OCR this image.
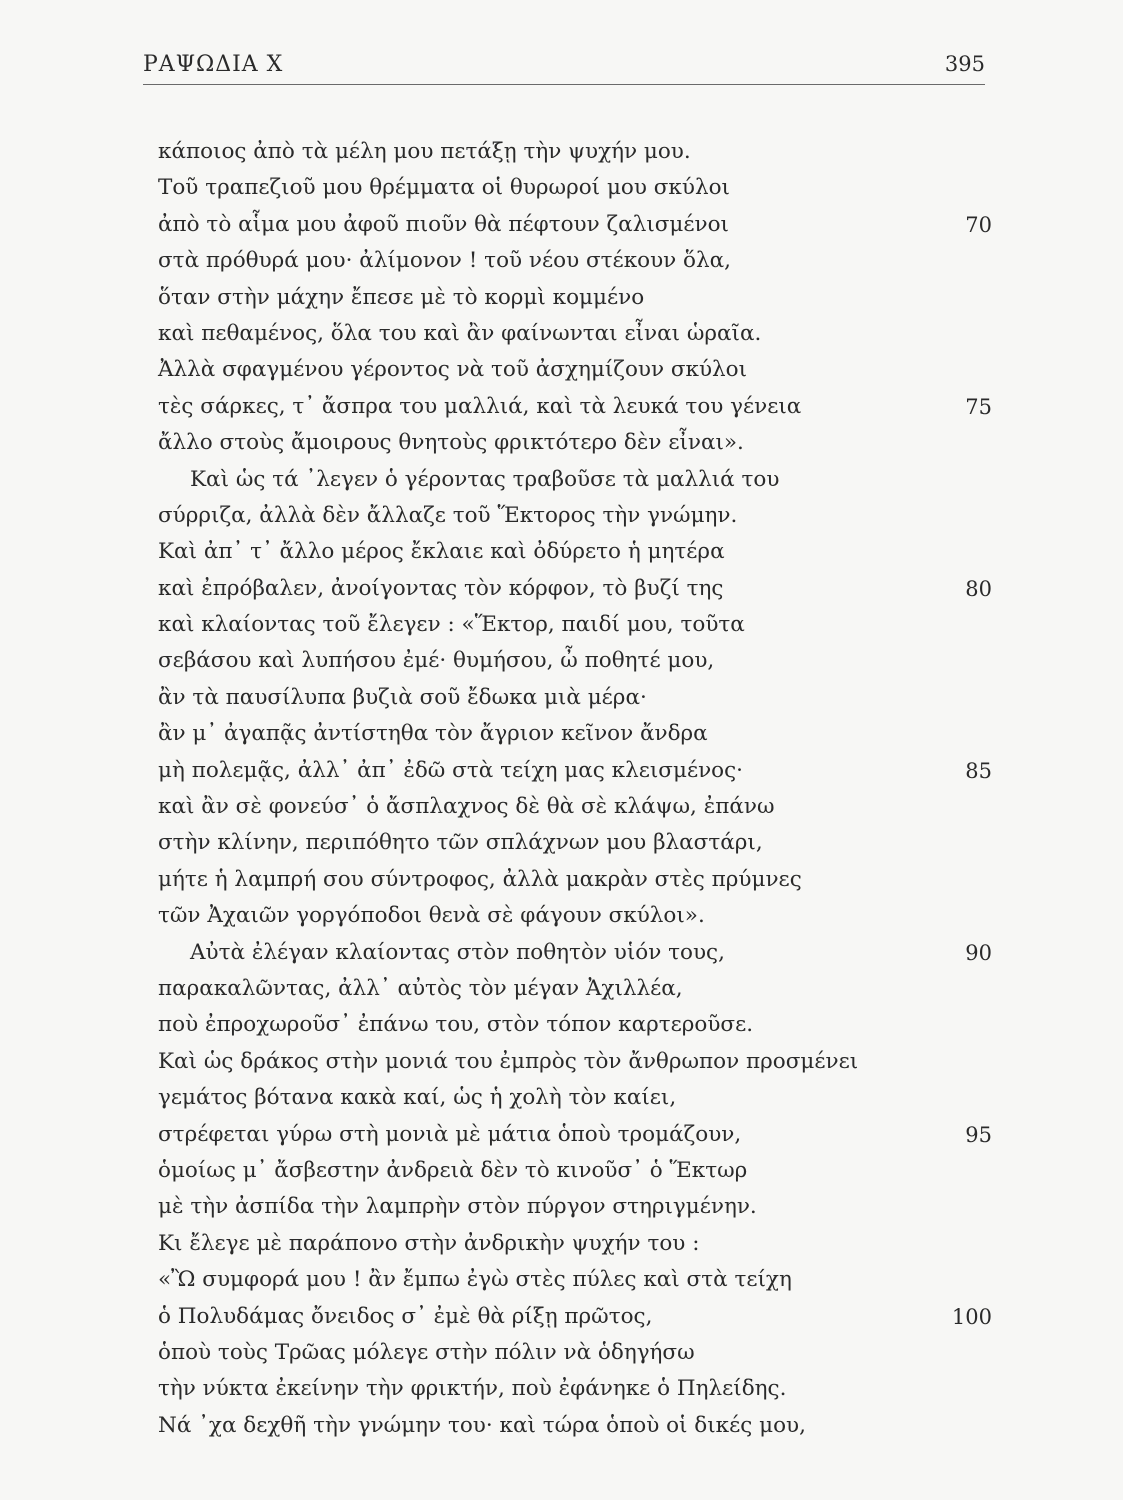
ΡΑΨΩΔΙΑ Χ	395
κάποιος ἀπὸ τὰ μέλη μου πετάξῃ τὴν ψυχήν μου.
Τοῦ τραπεζιοῦ μου θρέμματα οἱ θυρωροί μου σκύλοι
ἀπὸ τὸ αἷμα μου ἀφοῦ πιοῦν θὰ πέφτουν ζαλισμένοι	70
στὰ πρόθυρά μου· ἀλίμονον ! τοῦ νέου στέκουν ὅλα,
ὅταν στὴν μάχην ἔπεσε μὲ τὸ κορμὶ κομμένο
καὶ πεθαμένος, ὅλα του καὶ ἂν φαίνωνται εἶναι ὡραῖα.
Ἀλλὰ σφαγμένου γέροντος νὰ τοῦ ἀσχημίζουν σκύλοι
τὲς σάρκες, τ᾽ ἄσπρα του μαλλιά, καὶ τὰ λευκά του γένεια	75
ἄλλο στοὺς ἄμοιρους θνητοὺς φρικτότερο δὲν εἶναι».
Καὶ ὡς τά ᾽λεγεν ὁ γέροντας τραβοῦσε τὰ μαλλιά του
σύρριζα, ἀλλὰ δὲν ἄλλαζε τοῦ Ἕκτορος τὴν γνώμην.
Καὶ ἀπ᾽ τ᾽ ἄλλο μέρος ἔκλαιε καὶ ὀδύρετο ἡ μητέρα
καὶ ἐπρόβαλεν, ἀνοίγοντας τὸν κόρφον, τὸ βυζί της	80
καὶ κλαίοντας τοῦ ἔλεγεν : «Ἕκτορ, παιδί μου, τοῦτα
σεβάσου καὶ λυπήσου ἐμέ· θυμήσου, ὦ ποθητέ μου,
ἂν τὰ παυσίλυπα βυζιὰ σοῦ ἔδωκα μιὰ μέρα·
ἂν μ᾽ ἀγαπᾷς ἀντίστηθα τὸν ἄγριον κεῖνον ἄνδρα
μὴ πολεμᾷς, ἀλλ᾽ ἀπ᾽ ἐδῶ στὰ τείχη μας κλεισμένος·	85
καὶ ἂν σὲ φονεύσ᾽ ὁ ἄσπλαχνος δὲ θὰ σὲ κλάψω, ἐπάνω
στὴν κλίνην, περιπόθητο τῶν σπλάχνων μου βλαστάρι,
μήτε ἡ λαμπρή σου σύντροφος, ἀλλὰ μακρὰν στὲς πρύμνες
τῶν Ἀχαιῶν γοργόποδοι θενὰ σὲ φάγουν σκύλοι».
Αὐτὰ ἐλέγαν κλαίοντας στὸν ποθητὸν υἱόν τους,	90
παρακαλῶντας, ἀλλ᾽ αὐτὸς τὸν μέγαν Ἀχιλλέα,
ποὺ ἐπροχωροῦσ᾽ ἐπάνω του, στὸν τόπον καρτεροῦσε.
Καὶ ὡς δράκος στὴν μονιά του ἐμπρὸς τὸν ἄνθρωπον προσμένει
γεμάτος βότανα κακὰ καί, ὡς ἡ χολὴ τὸν καίει,
στρέφεται γύρω στὴ μονιὰ μὲ μάτια ὁποὺ τρομάζουν,	95
ὁμοίως μ᾽ ἄσβεστην ἀνδρειὰ δὲν τὸ κινοῦσ᾽ ὁ Ἕκτωρ
μὲ τὴν ἀσπίδα τὴν λαμπρὴν στὸν πύργον στηριγμένην.
Κι ἔλεγε μὲ παράπονο στὴν ἀνδρικὴν ψυχήν του :
«Ὢ συμφορά μου ! ἂν ἔμπω ἐγὼ στὲς πύλες καὶ στὰ τείχη
ὁ Πολυδάμας ὄνειδος σ᾽ ἐμὲ θὰ ρίξῃ πρῶτος,	100
ὁποὺ τοὺς Τρῶας μόλεγε στὴν πόλιν νὰ ὁδηγήσω
τὴν νύκτα ἐκείνην τὴν φρικτήν, ποὺ ἐφάνηκε ὁ Πηλείδης.
Νά ᾽χα δεχθῆ τὴν γνώμην του· καὶ τώρα ὁποὺ οἱ δικές μου,
